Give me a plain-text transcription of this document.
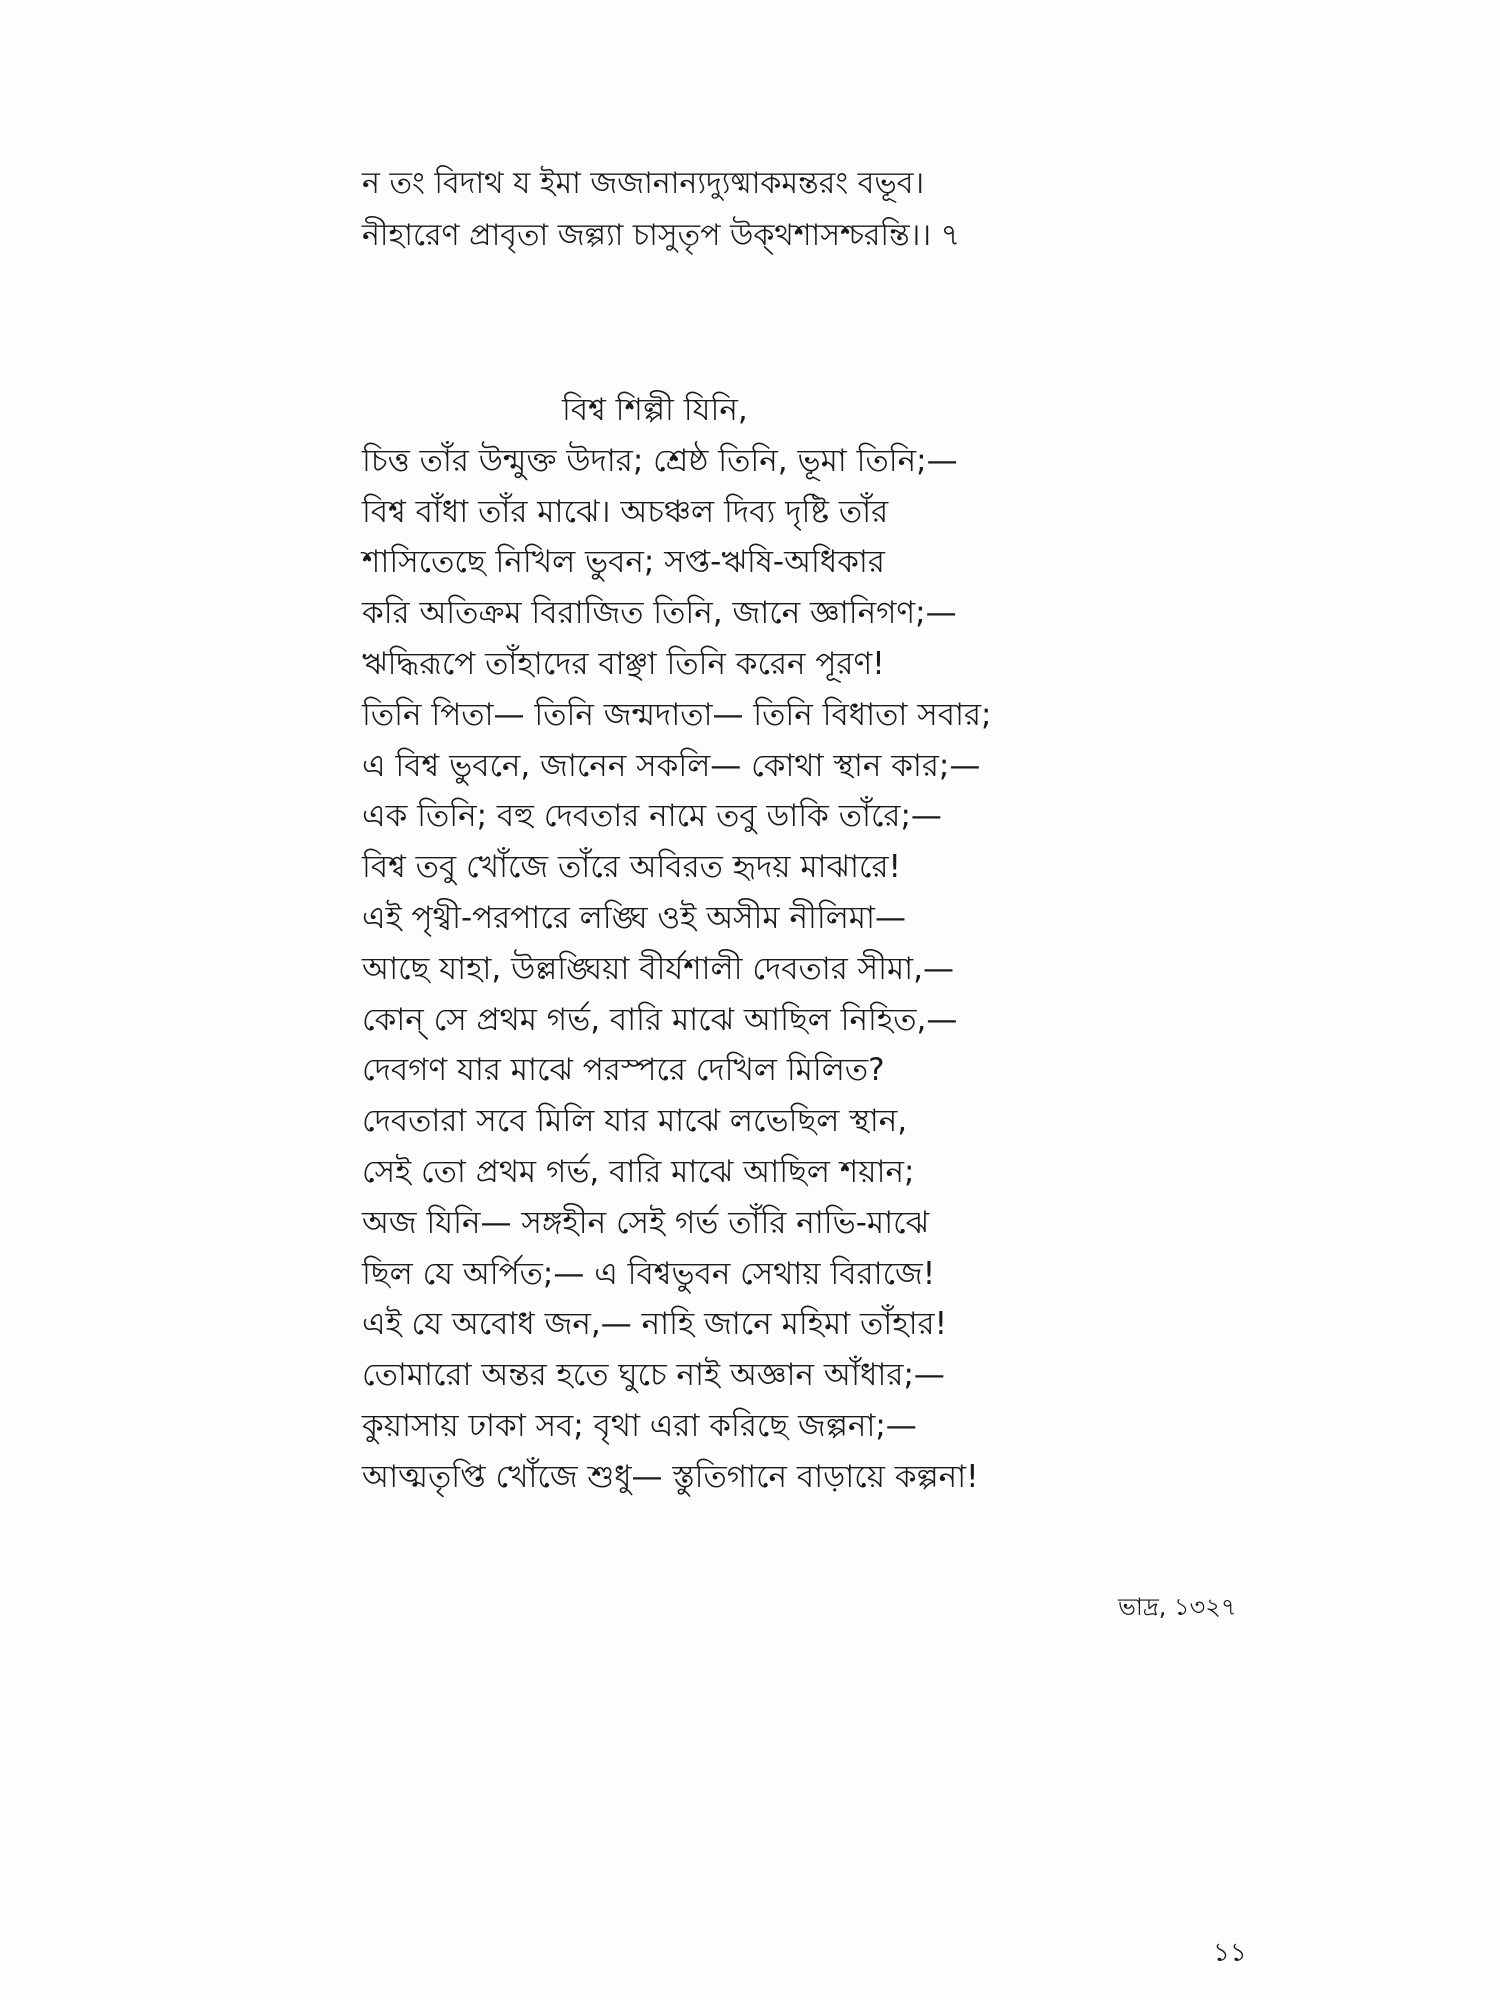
ন তং বিদাথ য ইমা জজানান্যদ্যুষ্মাকমন্তরং বভূব।

নীহারেণ প্রাবৃতা জল্প্যা চাসুতৃপ উক্থশাসশ্চরন্তি।। ৭

বিশ্ব শিল্পী যিনি,

চিত্ত তাঁর উন্মুক্ত উদার; শ্রেষ্ঠ তিনি, ভূমা তিনি;—

বিশ্ব বাঁধা তাঁর মাঝে। অচঞ্চল দিব্য দৃষ্টি তাঁর

শাসিতেছে নিখিল ভুবন; সপ্ত-ঋষি-অধিকার

করি অতিক্রম বিরাজিত তিনি, জানে জ্ঞানিগণ;—

ঋদ্ধিরূপে তাঁহাদের বাঞ্ছা তিনি করেন পূরণ!

তিনি পিতা— তিনি জন্মদাতা— তিনি বিধাতা সবার;

এ বিশ্ব ভুবনে, জানেন সকলি— কোথা স্থান কার;—

এক তিনি; বহু দেবতার নামে তবু ডাকি তাঁরে;—

বিশ্ব তবু খোঁজে তাঁরে অবিরত হৃদয় মাঝারে!

এই পৃথ্বী-পরপারে লঙ্ঘি ওই অসীম নীলিমা—

আছে যাহা, উল্লঙ্ঘিয়া বীর্যশালী দেবতার সীমা,—

কোন্ সে প্রথম গর্ভ, বারি মাঝে আছিল নিহিত,—

দেবগণ যার মাঝে পরস্পরে দেখিল মিলিত?

দেবতারা সবে মিলি যার মাঝে লভেছিল স্থান,

সেই তো প্রথম গর্ভ, বারি মাঝে আছিল শয়ান;

অজ যিনি— সঙ্গহীন সেই গর্ভ তাঁরি নাভি-মাঝে

ছিল যে অর্পিত;— এ বিশ্বভুবন সেথায় বিরাজে!

এই যে অবোধ জন,— নাহি জানে মহিমা তাঁহার!

তোমারো অন্তর হতে ঘুচে নাই অজ্ঞান আঁধার;—

কুয়াসায় ঢাকা সব; বৃথা এরা করিছে জল্পনা;—

আত্মতৃপ্তি খোঁজে শুধু— স্তুতিগানে বাড়ায়ে কল্পনা!

ভাদ্র, ১৩২৭
১১
